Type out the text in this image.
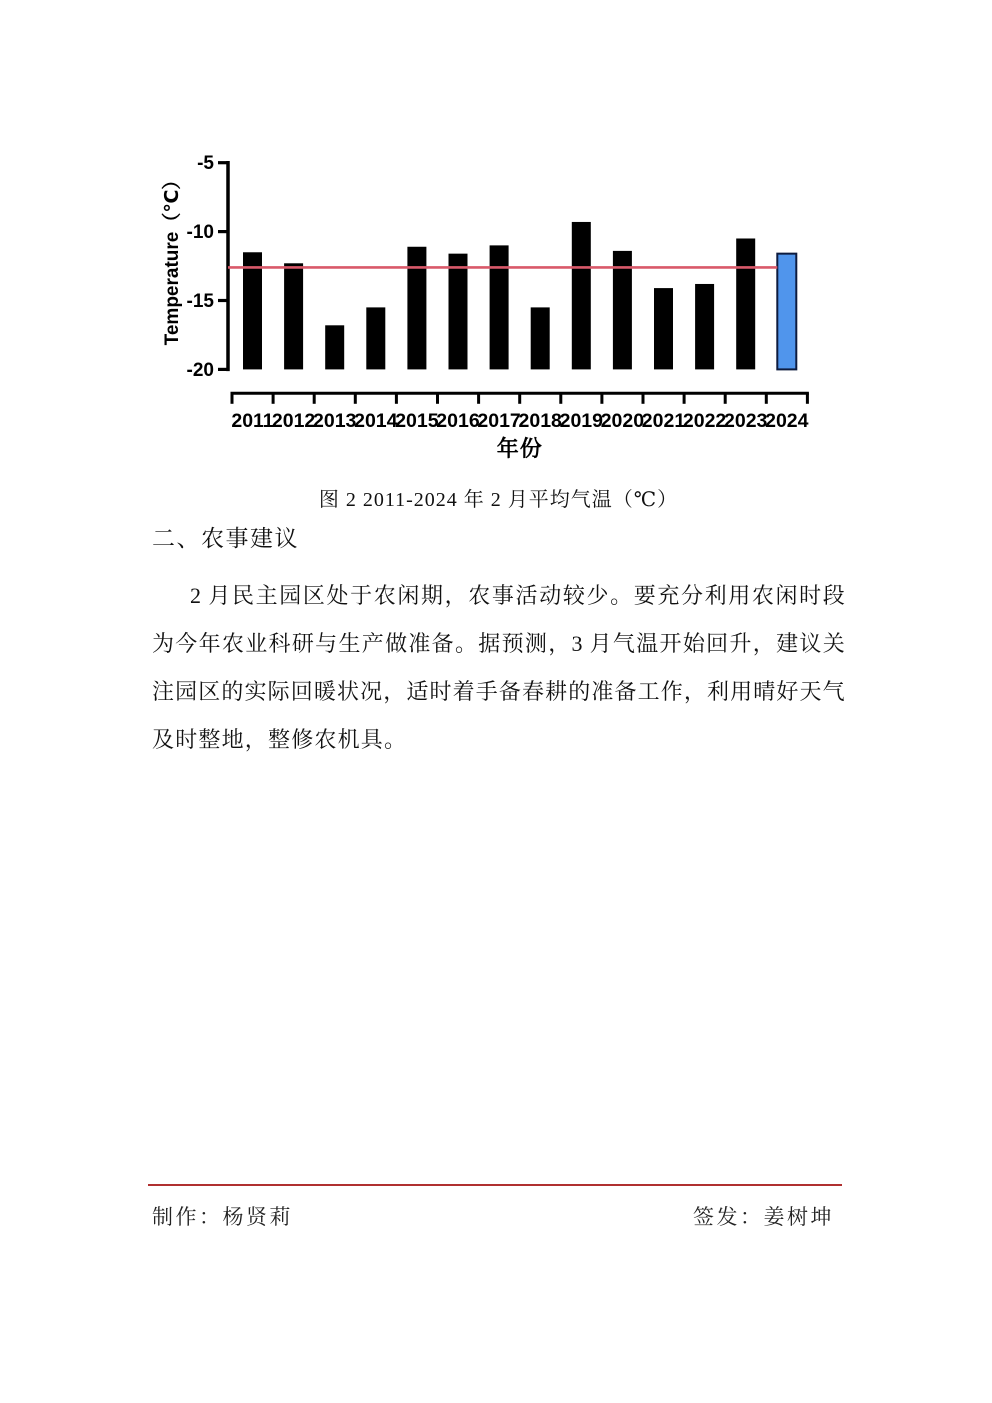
-5
-10
-15
-20
Temperature（℃）
2011
2012
2013
2014
2015
2016
2017
2018
2019
2020
2021
2022
2023
2024
年份
图 2 2011-2024 年 2 月平均气温（℃）
二、农事建议
2 月民主园区处于农闲期，农事活动较少。要充分利用农闲时段
为今年农业科研与生产做准备。据预测，3 月气温开始回升，建议关
注园区的实际回暖状况，适时着手备春耕的准备工作，利用晴好天气
及时整地，整修农机具。
制作：杨贤莉	签发：姜树坤
